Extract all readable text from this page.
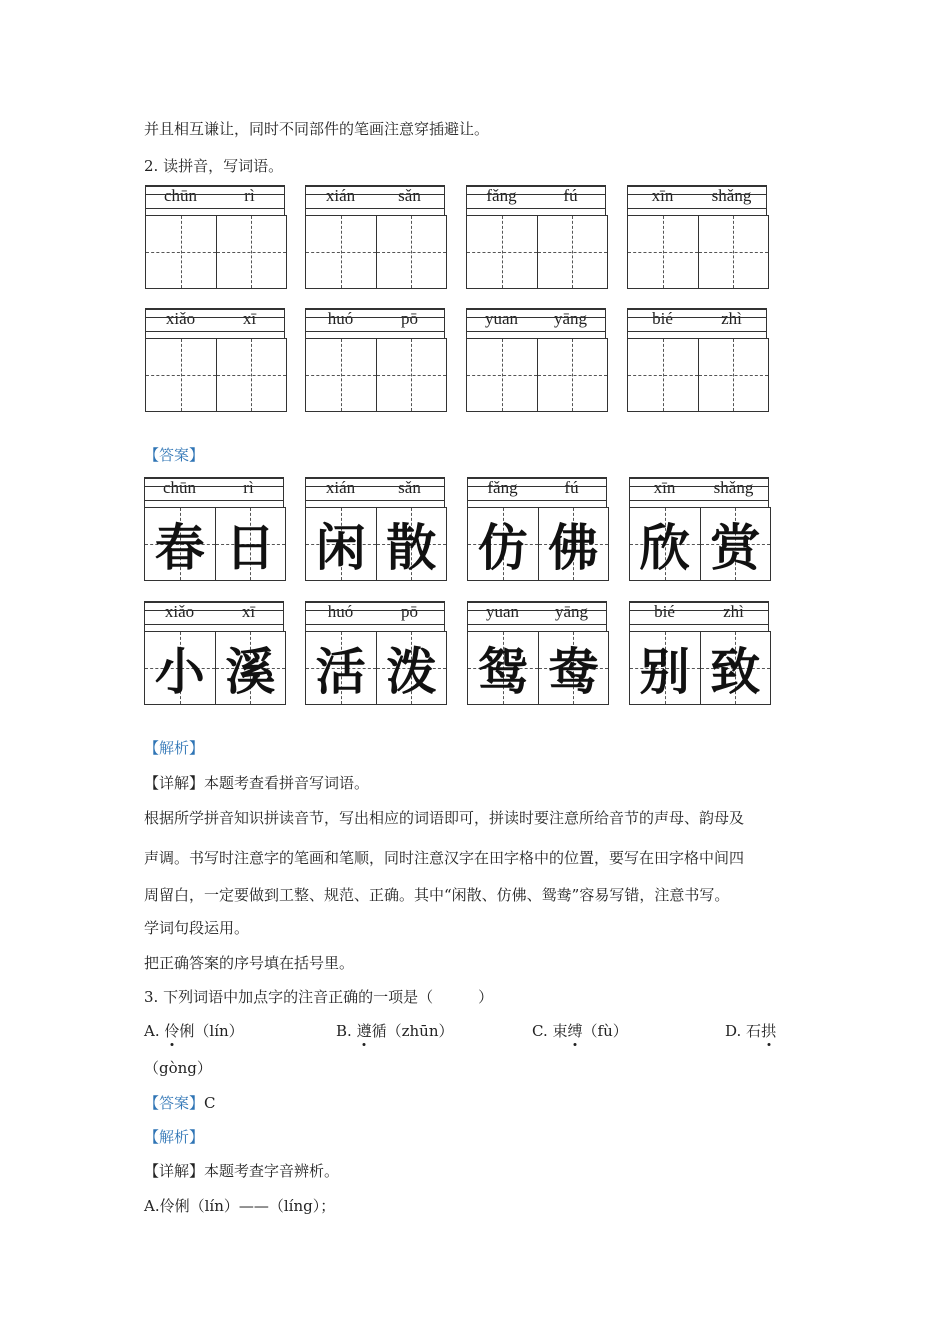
并且相互谦让，同时不同部件的笔画注意穿插避让。
2. 读拼音，写词语。
chūn	rì	xián	sǎn	fǎng	fú	xīn	shǎng
xiǎo	xī	huó	pō	yuan	yāng	bié	zhì
【答案】
chūn	rì
春 日
xián	sǎn
闲 散
fǎng	fú
仿 佛
xīn	shǎng
欣 赏
xiǎo	xī
小 溪
huó	pō
活 泼
yuan	yāng
鸳 鸯
bié	zhì
别 致
【解析】
【详解】本题考查看拼音写词语。
根据所学拼音知识拼读音节，写出相应的词语即可，拼读时要注意所给音节的声母、韵母及
声调。书写时注意字的笔画和笔顺，同时注意汉字在田字格中的位置，要写在田字格中间四
周留白，一定要做到工整、规范、正确。其中“闲散、仿佛、鸳鸯”容易写错，注意书写。
学词句段运用。
把正确答案的序号填在括号里。
3. 下列词语中加点字的注音正确的一项是（　　　）
A. 伶俐（lín）	B. 遵循（zhūn）	C. 束缚（fù）	D. 石拱
（gòng）
【答案】C
【解析】
【详解】本题考查字音辨析。
A.伶俐（lín）——（líng）；
